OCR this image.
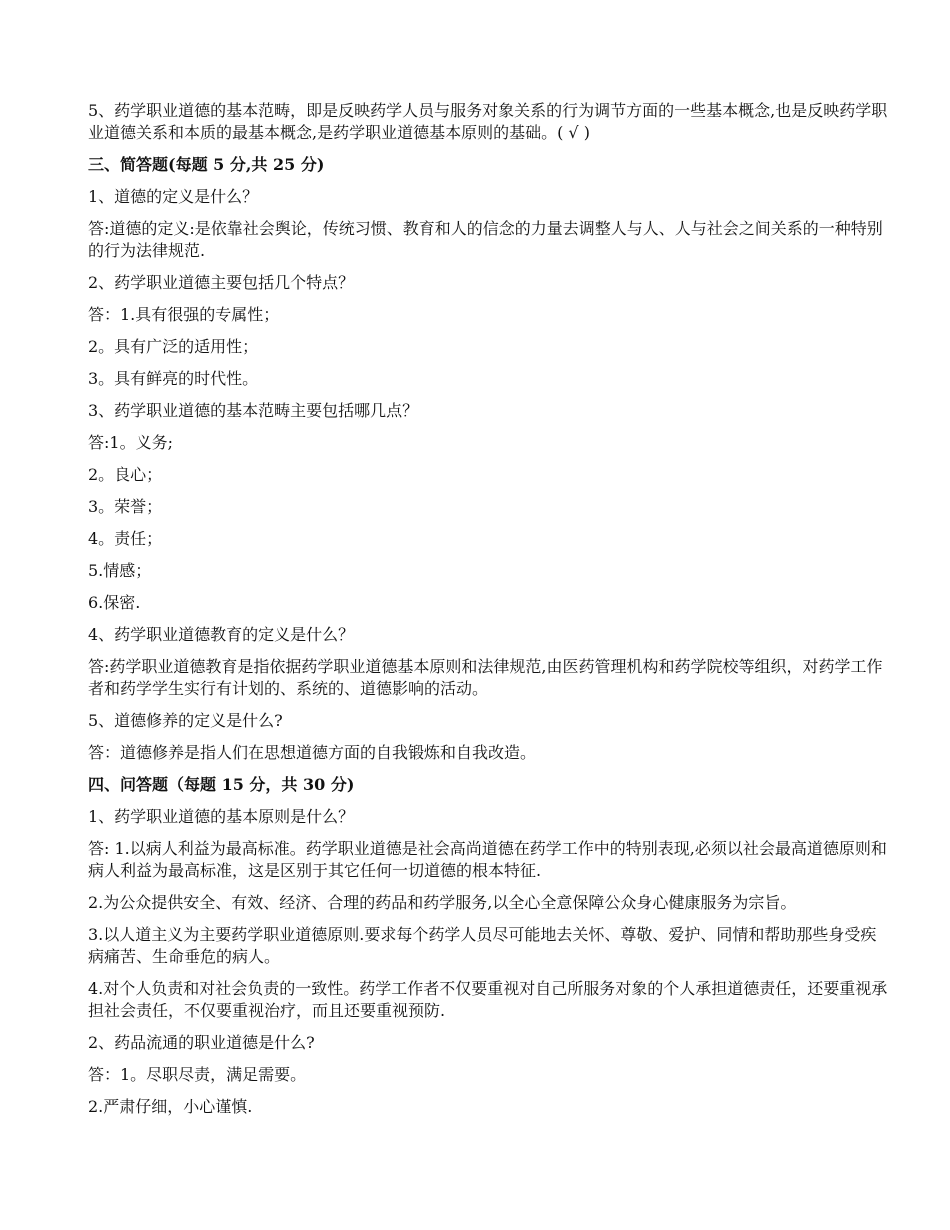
5、药学职业道德的基本范畴，即是反映药学人员与服务对象关系的行为调节方面的一些基本概念,也是反映药学职业道德关系和本质的最基本概念,是药学职业道德基本原则的基础。( √ )

三、简答题(每题 5 分,共 25 分)

1、道德的定义是什么？

答:道德的定义:是依靠社会舆论，传统习惯、教育和人的信念的力量去调整人与人、人与社会之间关系的一种特别的行为法律规范.

2、药学职业道德主要包括几个特点？

答：1.具有很强的专属性；

2。具有广泛的适用性；

3。具有鲜亮的时代性。

3、药学职业道德的基本范畴主要包括哪几点？

答:1。义务;

2。良心；

3。荣誉；

4。责任；

5.情感；

6.保密.

4、药学职业道德教育的定义是什么？

答:药学职业道德教育是指依据药学职业道德基本原则和法律规范,由医药管理机构和药学院校等组织，对药学工作者和药学学生实行有计划的、系统的、道德影响的活动。

5、道德修养的定义是什么?

答：道德修养是指人们在思想道德方面的自我锻炼和自我改造。

四、问答题（每题 15 分，共 30 分)

1、药学职业道德的基本原则是什么？

答: 1.以病人利益为最高标准。药学职业道德是社会高尚道德在药学工作中的特别表现,必须以社会最高道德原则和病人利益为最高标准，这是区别于其它任何一切道德的根本特征.

2.为公众提供安全、有效、经济、合理的药品和药学服务,以全心全意保障公众身心健康服务为宗旨。

3.以人道主义为主要药学职业道德原则.要求每个药学人员尽可能地去关怀、尊敬、爱护、同情和帮助那些身受疾病痛苦、生命垂危的病人。

4.对个人负责和对社会负责的一致性。药学工作者不仅要重视对自己所服务对象的个人承担道德责任，还要重视承担社会责任，不仅要重视治疗，而且还要重视预防.

2、药品流通的职业道德是什么?

答：1。尽职尽责，满足需要。

2.严肃仔细，小心谨慎.
